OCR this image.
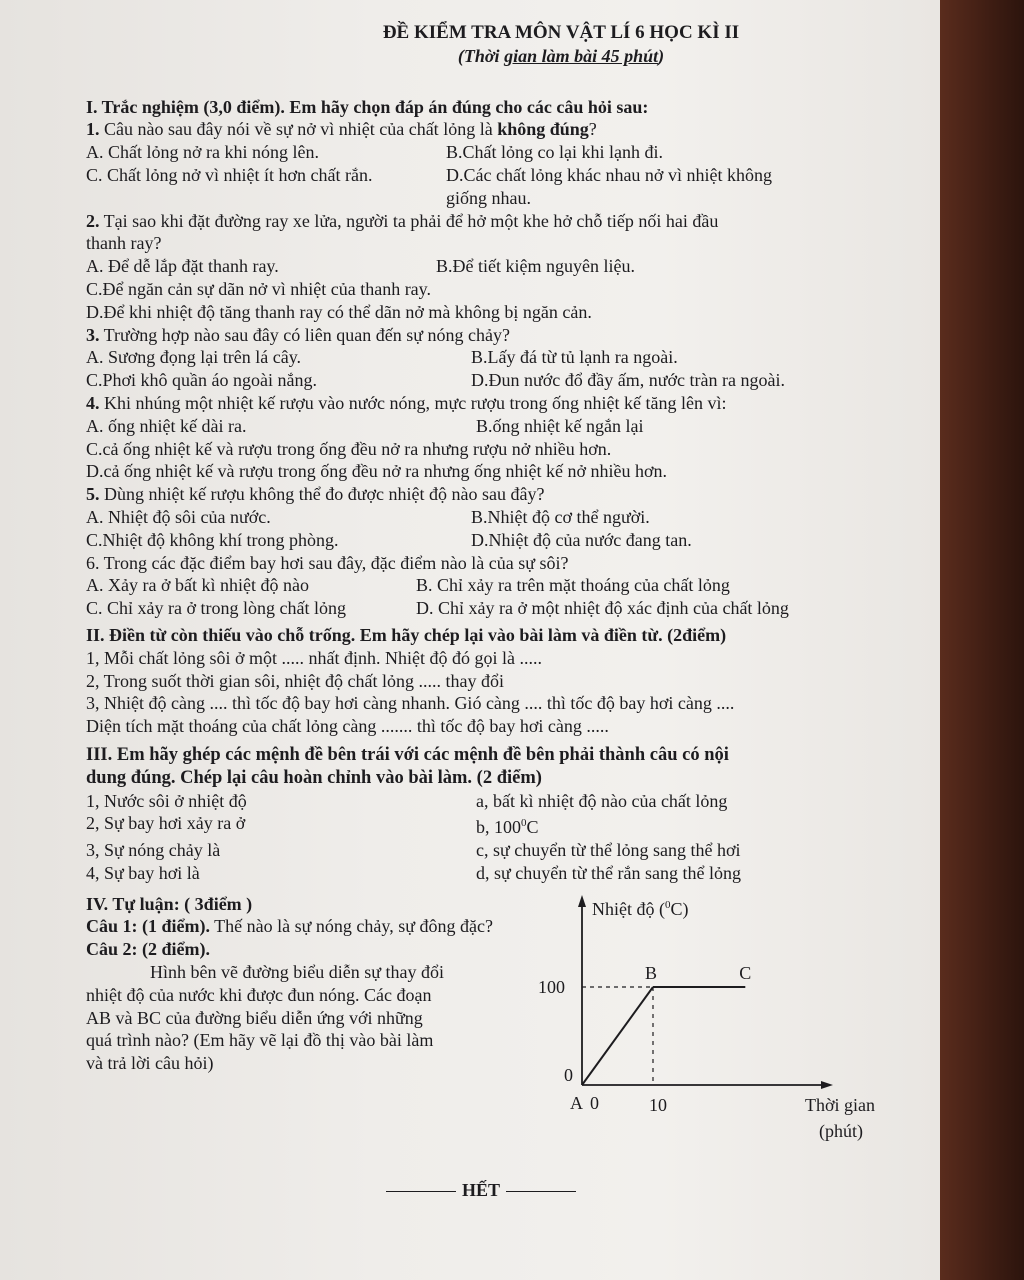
ĐỀ KIỂM TRA MÔN VẬT LÍ 6 HỌC KÌ II

(Thời gian làm bài 45 phút)

I. Trắc nghiệm (3,0 điểm). Em hãy chọn đáp án đúng cho các câu hỏi sau:

1. Câu nào sau đây nói về sự nở vì nhiệt của chất lỏng là không đúng?

A. Chất lỏng nở ra khi nóng lên.	B.Chất lỏng co lại khi lạnh đi.
C. Chất lỏng nở vì nhiệt ít hơn chất rắn.	D.Các chất lỏng khác nhau nở vì nhiệt không
giống nhau.

2. Tại sao khi đặt đường ray xe lửa, người ta phải để hở một khe hở chỗ tiếp nối hai đầu

thanh ray?

A. Để dễ lắp đặt thanh ray.	B.Để tiết kiệm nguyên liệu.

C.Để ngăn cản sự dãn nở vì nhiệt của thanh ray.

D.Để khi nhiệt độ tăng thanh ray có thể dãn nở mà không bị ngăn cản.

3. Trường hợp nào sau đây có liên quan đến sự nóng chảy?

A. Sương đọng lại trên lá cây.	B.Lấy đá từ tủ lạnh ra ngoài.
C.Phơi khô quần áo ngoài nắng.	D.Đun nước đổ đầy ấm, nước tràn ra ngoài.

4. Khi nhúng một nhiệt kế rượu vào nước nóng, mực rượu trong ống nhiệt kế tăng lên vì:

A. ống nhiệt kế dài ra.	B.ống nhiệt kế ngắn lại

C.cả ống nhiệt kế và rượu trong ống đều nở ra nhưng rượu nở nhiều hơn.

D.cả ống nhiệt kế và rượu trong ống đều nở ra nhưng ống nhiệt kế nở nhiều hơn.

5. Dùng nhiệt kế rượu không thể đo được nhiệt độ nào sau đây?

A. Nhiệt độ sôi của nước.	B.Nhiệt độ cơ thể người.
C.Nhiệt độ không khí trong phòng.	D.Nhiệt độ của nước đang tan.

6. Trong các đặc điểm bay hơi sau đây, đặc điểm nào là của sự sôi?

A. Xảy ra ở bất kì nhiệt độ nào	B. Chỉ xảy ra trên mặt thoáng của chất lỏng
C. Chỉ xảy ra ở trong lòng chất lỏng	D. Chỉ xảy ra ở một nhiệt độ xác định của chất lỏng

II. Điền từ còn thiếu vào chỗ trống. Em hãy chép lại vào bài làm và điền từ. (2điểm)

1, Mỗi chất lỏng sôi ở một ..... nhất định. Nhiệt độ đó gọi là .....

2, Trong suốt thời gian sôi, nhiệt độ chất lỏng ..... thay đổi

3, Nhiệt độ càng .... thì tốc độ bay hơi càng nhanh. Gió càng .... thì tốc độ bay hơi càng ....

Diện tích mặt thoáng của chất lỏng càng ....... thì tốc độ bay hơi càng .....

III. Em hãy ghép các mệnh đề bên trái với các mệnh đề bên phải thành câu có nội

dung đúng. Chép lại câu hoàn chỉnh vào bài làm. (2 điểm)

1, Nước sôi ở nhiệt độ	a, bất kì nhiệt độ nào của chất lỏng
2, Sự bay hơi xảy ra ở	b, $100^0C$
3, Sự nóng chảy là	c, sự chuyển từ thể lỏng sang thể hơi
4, Sự bay hơi là	d, sự chuyển từ thể rắn sang thể lỏng

IV. Tự luận: ( 3điểm )

Câu 1: (1 điểm). Thế nào là sự nóng chảy, sự đông đặc?

Câu 2: (2 điểm).

Hình bên vẽ đường biểu diễn sự thay đổi

nhiệt độ của nước khi được đun nóng. Các đoạn

AB và BC của đường biểu diễn ứng với những

quá trình nào? (Em hãy vẽ lại đồ thị vào bài làm

và trả lời câu hỏi)

Nhiệt độ ($^0$C)
100
0
A 0	10
B	C
Thời gian
(phút)
HẾT
